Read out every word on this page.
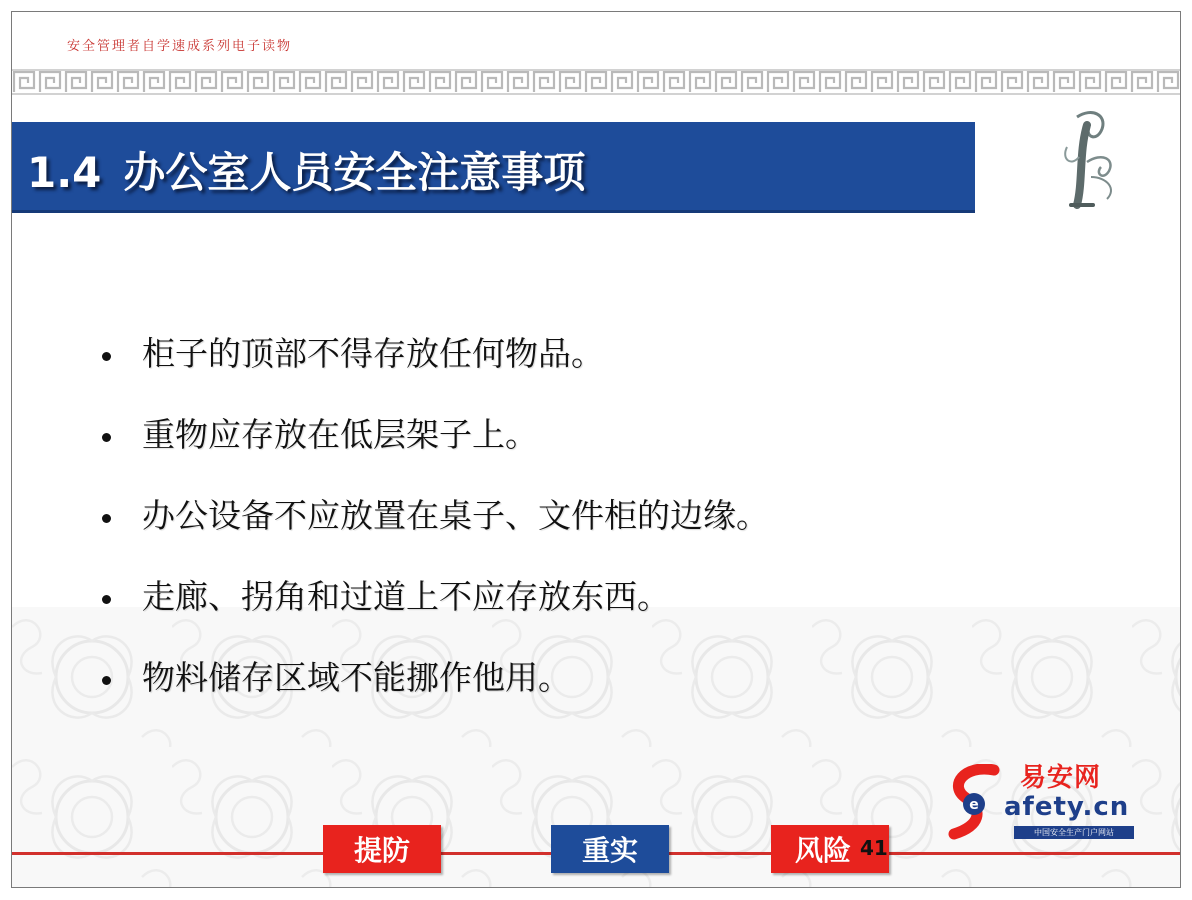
安全管理者自学速成系列电子读物
1.4 办公室人员安全注意事项
柜子的顶部不得存放任何物品。
重物应存放在低层架子上。
办公设备不应放置在桌子、文件柜的边缘。
走廊、拐角和过道上不应存放东西。
物料储存区域不能挪作他用。
提防	重实	风险 41
e
易安网
afety.cn
中国安全生产门户网站
